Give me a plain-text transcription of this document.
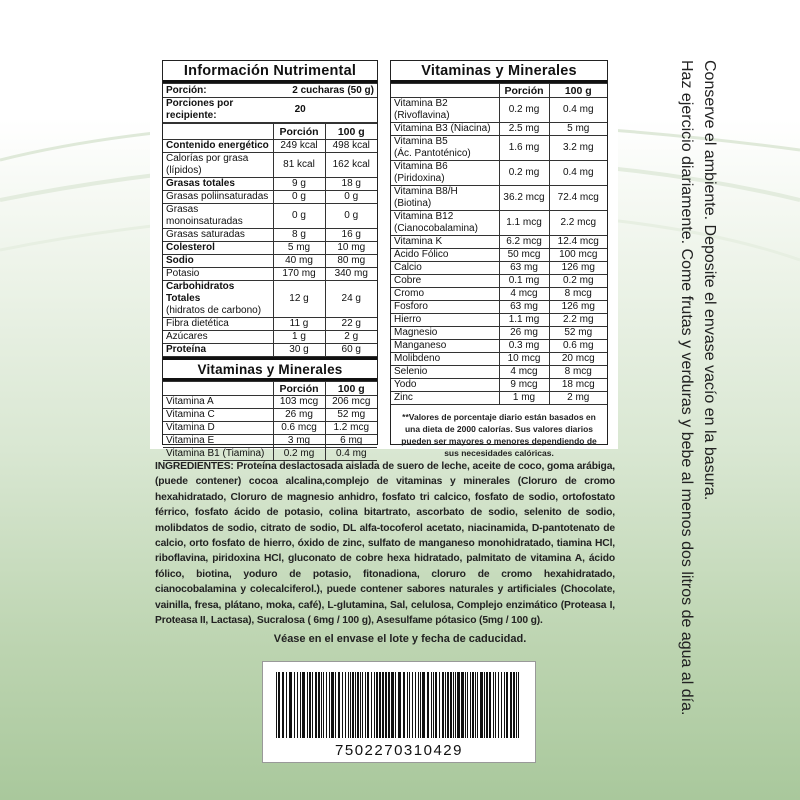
Información Nutrimental
Porción:	2 cucharas (50 g)
Porciones por recipiente:	20
	Porción	100 g
Contenido energético	249 kcal	498 kcal
Calorías por grasa (lípidos)	81 kcal	162 kcal
Grasas totales	9 g	18 g
Grasas poliinsaturadas	0 g	0 g
Grasas monoinsaturadas	0 g	0 g
Grasas saturadas	8 g	16 g
Colesterol	5 mg	10 mg
Sodio	40 mg	80 mg
Potasio	170 mg	340 mg
Carbohidratos Totales
(hidratos de carbono)	12 g	24 g
Fibra dietética	11 g	22 g
Azúcares	1 g	2 g
Proteína	30 g	60 g
Vitaminas y Minerales
	Porción	100 g
Vitamina A	103 mcg	206 mcg
Vitamina C	26 mg	52 mg
Vitamina D	0.6 mcg	1.2 mcg
Vitamina E	3 mg	6 mg
Vitamina B1 (Tiamina)	0.2 mg	0.4 mg
Vitaminas y Minerales
	Porción	100 g
Vitamina B2 (Rivoflavina)	0.2 mg	0.4 mg
Vitamina B3 (Niacina)	2.5 mg	5 mg
Vitamina B5
(Ác. Pantoténico)	1.6 mg	3.2 mg
Vitamina B6 (Piridoxina)	0.2 mg	0.4 mg
Vitamina B8/H (Biotina)	36.2 mcg	72.4 mcg
Vitamina B12
(Cianocobalamina)	1.1 mcg	2.2 mcg
Vitamina K	6.2 mcg	12.4 mcg
Ácido Fólico	50 mcg	100 mcg
Calcio	63 mg	126 mg
Cobre	0.1 mg	0.2 mg
Cromo	4 mcg	8 mcg
Fosforo	63 mg	126 mg
Hierro	1.1 mg	2.2 mg
Magnesio	26 mg	52 mg
Manganeso	0.3 mg	0.6 mg
Molibdeno	10 mcg	20 mcg
Selenio	4 mcg	8 mcg
Yodo	9 mcg	18 mcg
Zinc	1 mg	2 mg
**Valores de porcentaje diario están basados en una dieta de 2000 calorías. Sus valores diarios pueden ser mayores o menores dependiendo de sus necesidades calóricas.
INGREDIENTES: Proteína deslactosada aislada de suero de leche, aceite de coco, goma arábiga, (puede contener) cocoa alcalina,complejo de vitaminas y minerales (Cloruro de cromo hexahidratado, Cloruro de magnesio anhidro, fosfato tri calcico, fosfato de sodio, ortofostato férrico, fosfato ácido de potasio, colina bitartrato, ascorbato de sodio, selenito de sodio, molibdatos de sodio, citrato de sodio, DL alfa-tocoferol acetato, niacinamida, D-pantotenato de calcio, orto fosfato de hierro, óxido de zinc, sulfato de manganeso monohidratado, tiamina HCl, riboflavina, piridoxina HCl, gluconato de cobre hexa hidratado, palmitato de vitamina A, ácido fólico, biotina, yoduro de potasio, fitonadiona, cloruro de cromo hexahidratado, cianocobalamina y colecalciferol.), puede contener sabores naturales y artificiales (Chocolate, vainilla, fresa, plátano, moka, café), L-glutamina, Sal, celulosa, Complejo enzimático (Proteasa I, Proteasa II, Lactasa), Sucralosa ( 6mg / 100 g), Asesulfame pótasico (5mg / 100 g).
Véase en el envase el lote y fecha de caducidad.
7502270310429
Conserve el ambiente. Deposite el envase vacío en la basura.
Haz ejercicio diariamente. Come frutas y verduras y bebe al menos dos litros de agua al día.
